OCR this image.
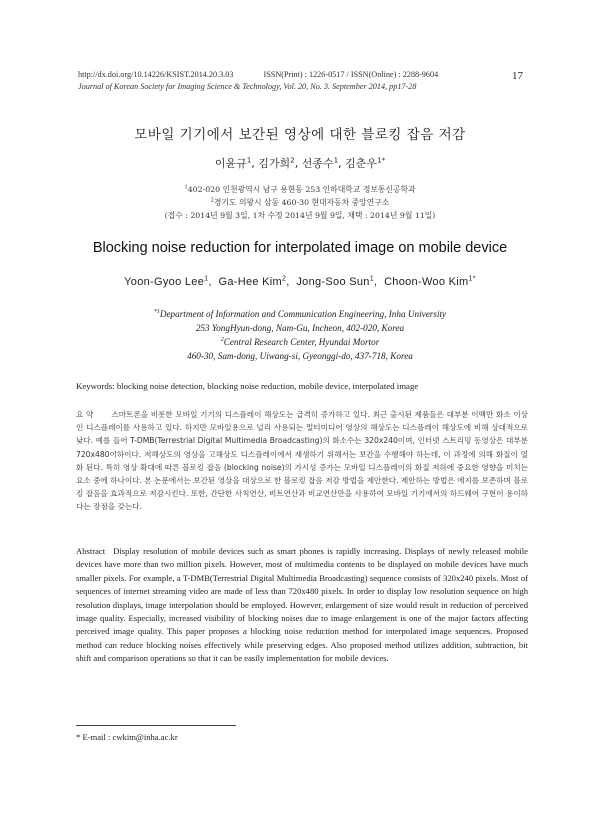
http://dx.doi.org/10.14226/KSIST.2014.20.3.03	ISSN(Print) : 1226-0517 / ISSN(Online) : 2288-9604
Journal of Korean Society for Imaging Science & Technology, Vol. 20, No. 3. September 2014, pp17-28
17
모바일 기기에서 보간된 영상에 대한 블로킹 잡음 저감
이윤규$^1$, 김가희$^2$, 선종수$^1$, 김춘우$^{1*}$
$^1$402-020 인천광역시 남구 용현동 253 인하대학교 정보통신공학과
$^2$경기도 의왕시 삼동 460-30 현대자동차 중앙연구소
(접수 : 2014년 9월 3일, 1차 수정 2014년 9월 9일, 채택 : 2014년 9월 11일)
Blocking noise reduction for interpolated image on mobile device
Yoon-Gyoo Lee$^1$,  Ga-Hee Kim$^2$,  Jong-Soo Sun$^1$,  Choon-Woo Kim$^{1*}$
$^{*1}$Department of Information and Communication Engineering, Inha University
253 YongHyun-dong, Nam-Gu, Incheon, 402-020, Korea
$^2$Central Research Center, Hyundai Mortor
460-30, Sam-dong, Uiwang-si, Gyeonggi-do, 437-718, Korea
Keywords: blocking noise detection, blocking noise reduction, mobile device, interpolated image
요 약 스마트폰을 비롯한 모바일 기기의 디스플레이 해상도는 급격히 증가하고 있다. 최근 출시된 제품들은 대부분 이백만 화소 이상인 디스플레이를 사용하고 있다. 하지만 모바일용으로 널리 사용되는 멀티미디어 영상의 해상도는 디스플레이 해상도에 비해 상대적으로 낮다. 예를 들어 T-DMB(Terrestrial Digital Multimedia Broadcasting)의 화소수는 320x240이며, 인터넷 스트리밍 동영상은 대부분 720x480이하이다. 저해상도의 영상을 고해상도 디스플레이에서 재생하기 위해서는 보간을 수행해야 하는데, 이 과정에 의해 화질이 열화 된다. 특히 영상 확대에 따른 블로킹 잡음 (blocking noise)의 가시성 증가는 모바일 디스플레이의 화질 저하에 중요한 영향을 미치는 요소 중에 하나이다. 본 논문에서는 보간된 영상을 대상으로 한 블로킹 잡음 저감 방법을 제안한다. 제안하는 방법은 에지를 보존하며 블로킹 잡음을 효과적으로 저감시킨다. 또한, 간단한 사칙연산, 비트연산과 비교연산만을 사용하여 모바일 기기에서의 하드웨어 구현이 용이하다는 장점을 갖는다.
Abstract Display resolution of mobile devices such as smart phones is rapidly increasing. Displays of newly released mobile devices have more than two million pixels. However, most of multimedia contents to be displayed on mobile devices have much smaller pixels. For example, a T-DMB(Terrestrial Digital Multimedia Broadcasting) sequence consists of 320x240 pixels. Most of sequences of internet streaming video are made of less than 720x480 pixels. In order to display low resolution sequence on high resolution displays, image interpolation should be employed. However, enlargement of size would result in reduction of perceived image quality. Especially, increased visibility of blocking noises due to image enlargement is one of the major factors affecting perceived image quality. This paper proposes a blocking noise reduction method for interpolated image sequences. Proposed method can reduce blocking noises effectively while preserving edges. Also proposed method utilizes addition, subtraction, bit shift and comparison operations so that it can be easily implementation for mobile devices.
* E-mail : cwkim@inha.ac.kr
